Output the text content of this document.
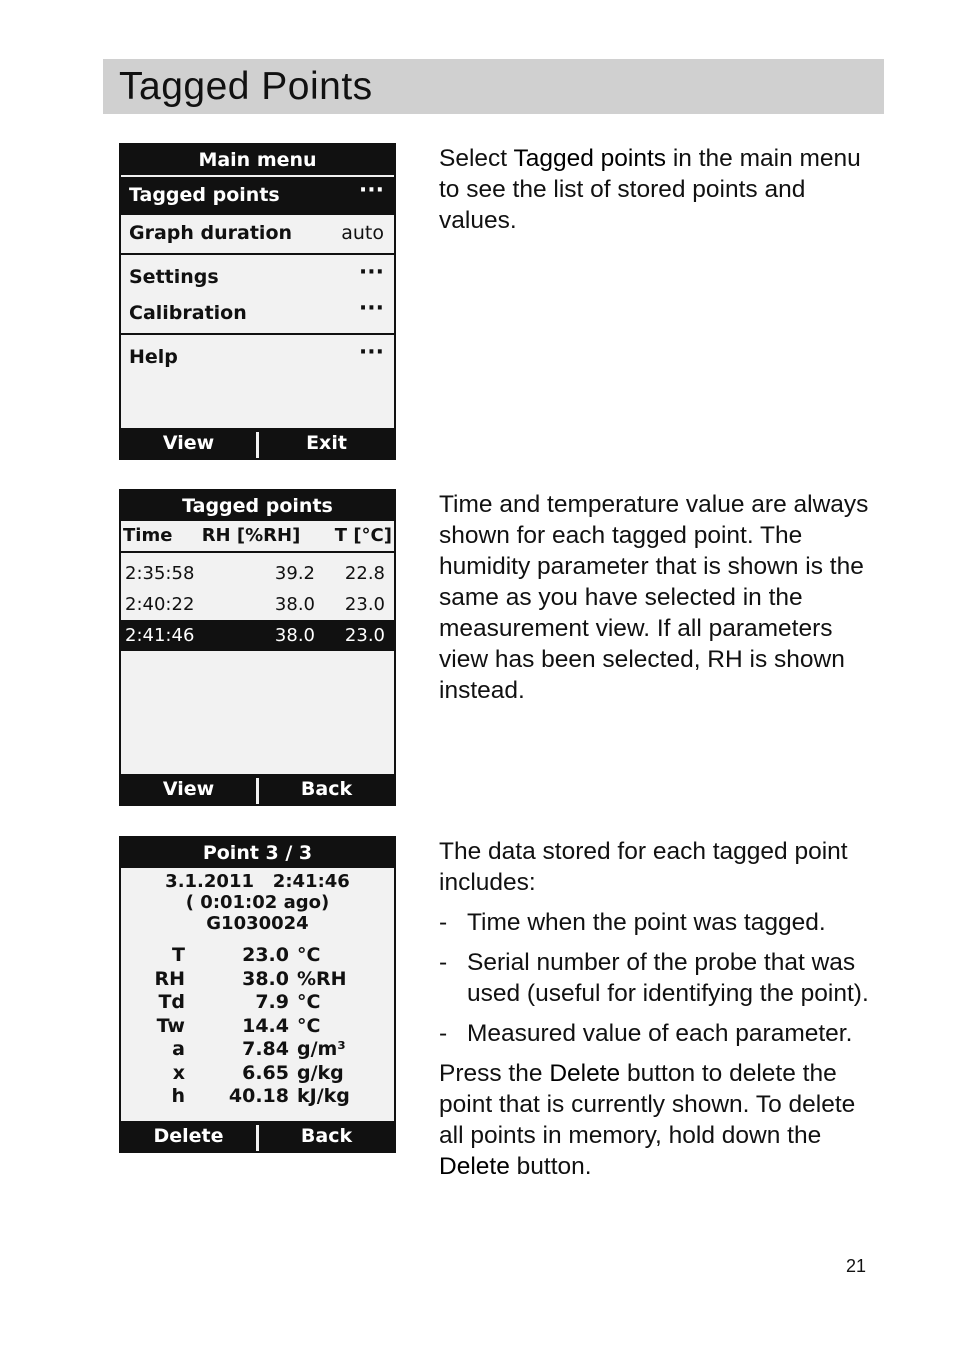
Tagged Points
Main menu
Tagged points	···
Graph duration	auto
Settings	···
Calibration	···
Help	···
View	Exit
Tagged points
Time	RH [%RH]	T [°C]
2:35:58	39.2	22.8
2:40:22	38.0	23.0
2:41:46	38.0	23.0
View	Back
Point 3 / 3
3.1.2011   2:41:46
( 0:01:02 ago)
G1030024
T	23.0 °C
RH	38.0 %RH
Td	7.9 °C
Tw	14.4 °C
a	7.84 g/m³
x	6.65 g/kg
h	40.18 kJ/kg
Delete	Back
Select Tagged points in the main menu to see the list of stored points and values.
Time and temperature value are always shown for each tagged point. The humidity parameter that is shown is the same as you have selected in the measurement view. If all parameters view has been selected, RH is shown instead.
The data stored for each tagged point includes:
- Time when the point was tagged.
- Serial number of the probe that was used (useful for identifying the point).
- Measured value of each parameter.
Press the Delete button to delete the point that is currently shown. To delete all points in memory, hold down the Delete button.
21
